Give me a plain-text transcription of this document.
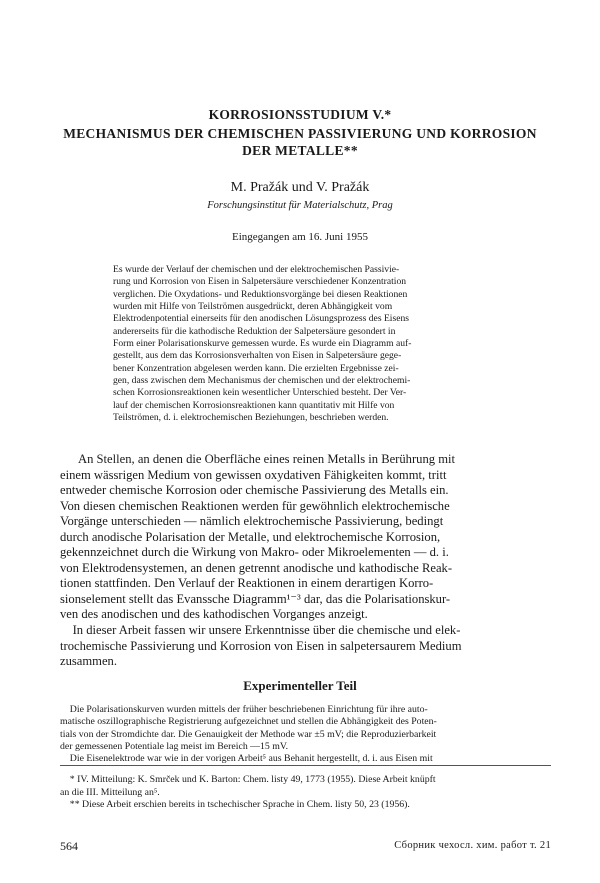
KORROSIONSSTUDIUM V.*
MECHANISMUS DER CHEMISCHEN PASSIVIERUNG UND KORROSION
DER METALLE**
M. Pražák und V. Pražák
Forschungsinstitut für Materialschutz, Prag
Eingegangen am 16. Juni 1955
Es wurde der Verlauf der chemischen und der elektrochemischen Passivie-
rung und Korrosion von Eisen in Salpetersäure verschiedener Konzentration
verglichen. Die Oxydations- und Reduktionsvorgänge bei diesen Reaktionen
wurden mit Hilfe von Teilströmen ausgedrückt, deren Abhängigkeit vom
Elektrodenpotential einerseits für den anodischen Lösungsprozess des Eisens
andererseits für die kathodische Reduktion der Salpetersäure gesondert in
Form einer Polarisationskurve gemessen wurde. Es wurde ein Diagramm auf-
gestellt, aus dem das Korrosionsverhalten von Eisen in Salpetersäure gege-
bener Konzentration abgelesen werden kann. Die erzielten Ergebnisse zei-
gen, dass zwischen dem Mechanismus der chemischen und der elektrochemi-
schen Korrosionsreaktionen kein wesentlicher Unterschied besteht. Der Ver-
lauf der chemischen Korrosionsreaktionen kann quantitativ mit Hilfe von
Teilströmen, d. i. elektrochemischen Beziehungen, beschrieben werden.
An Stellen, an denen die Oberfläche eines reinen Metalls in Berührung mit
einem wässrigen Medium von gewissen oxydativen Fähigkeiten kommt, tritt
entweder chemische Korrosion oder chemische Passivierung des Metalls ein.
Von diesen chemischen Reaktionen werden für gewöhnlich elektrochemische
Vorgänge unterschieden — nämlich elektrochemische Passivierung, bedingt
durch anodische Polarisation der Metalle, und elektrochemische Korrosion,
gekennzeichnet durch die Wirkung von Makro- oder Mikroelementen — d. i.
von Elektrodensystemen, an denen getrennt anodische und kathodische Reak-
tionen stattfinden. Den Verlauf der Reaktionen in einem derartigen Korro-
sionselement stellt das Evanssche Diagramm¹⁻³ dar, das die Polarisationskur-
ven des anodischen und des kathodischen Vorganges anzeigt.
In dieser Arbeit fassen wir unsere Erkenntnisse über die chemische und elek-
trochemische Passivierung und Korrosion von Eisen in salpetersaurem Medium
zusammen.
Experimenteller Teil
Die Polarisationskurven wurden mittels der früher beschriebenen Einrichtung für ihre auto-
matische oszillographische Registrierung aufgezeichnet und stellen die Abhängigkeit des Poten-
tials von der Stromdichte dar. Die Genauigkeit der Methode war ±5 mV; die Reproduzierbarkeit
der gemessenen Potentiale lag meist im Bereich —15 mV.
Die Eisenelektrode war wie in der vorigen Arbeit⁵ aus Behanit hergestellt, d. i. aus Eisen mit
* IV. Mitteilung: K. Smrček und K. Barton: Chem. listy 49, 1773 (1955). Diese Arbeit knüpft
an die III. Mitteilung an⁵.
** Diese Arbeit erschien bereits in tschechischer Sprache in Chem. listy 50, 23 (1956).
564	Сборник чехосл. хим. работ т. 21
